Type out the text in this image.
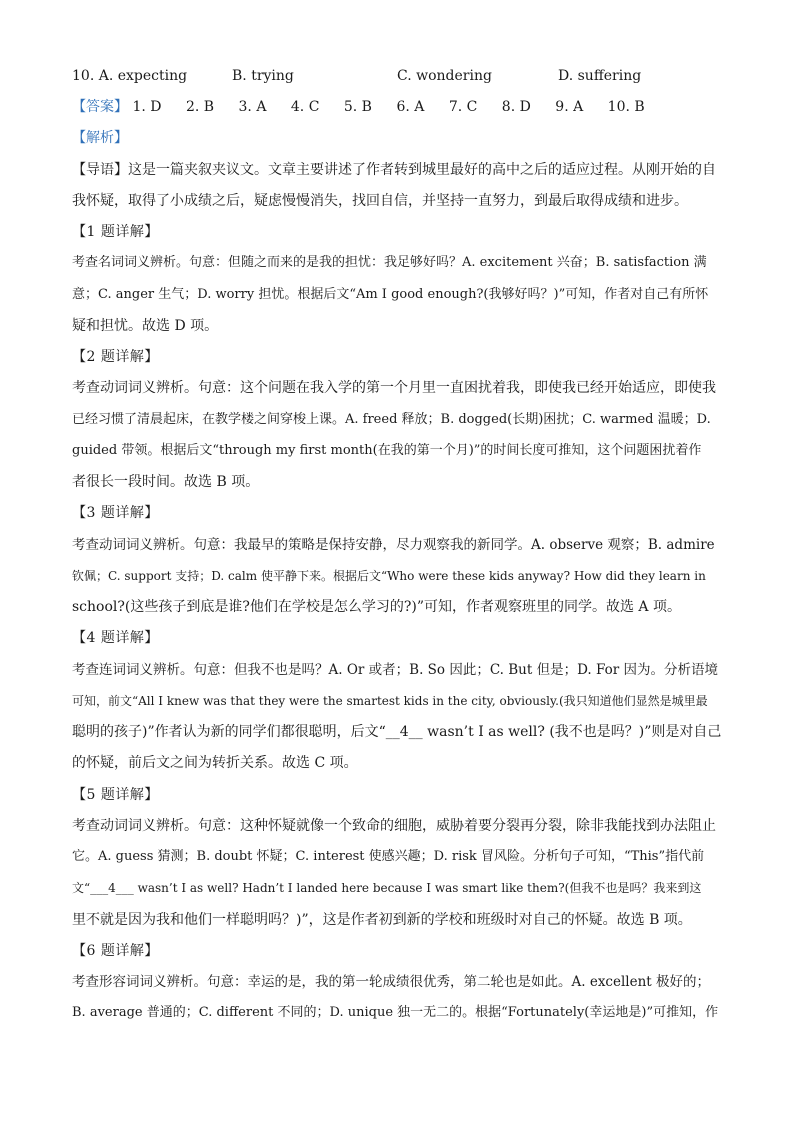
10. A. expecting	B. trying	C. wondering	D. suffering
【答案】 1. D 2. B 3. A 4. C 5. B 6. A 7. C 8. D 9. A 10. B
【解析】
【导语】这是一篇夹叙夹议文。文章主要讲述了作者转到城里最好的高中之后的适应过程。从刚开始的自
我怀疑，取得了小成绩之后，疑虑慢慢消失，找回自信，并坚持一直努力，到最后取得成绩和进步。
【1 题详解】
考查名词词义辨析。句意：但随之而来的是我的担忧：我足够好吗？A. excitement 兴奋；B. satisfaction 满
意；C. anger 生气；D. worry 担忧。根据后文“Am I good enough?(我够好吗？)”可知，作者对自己有所怀
疑和担忧。故选 D 项。
【2 题详解】
考查动词词义辨析。句意：这个问题在我入学的第一个月里一直困扰着我，即使我已经开始适应，即使我
已经习惯了清晨起床，在教学楼之间穿梭上课。A. freed 释放；B. dogged(长期)困扰；C. warmed 温暖；D.
guided 带领。根据后文“through my first month(在我的第一个月)”的时间长度可推知，这个问题困扰着作
者很长一段时间。故选 B 项。
【3 题详解】
考查动词词义辨析。句意：我最早的策略是保持安静，尽力观察我的新同学。A. observe 观察；B. admire
钦佩；C. support 支持；D. calm 使平静下来。根据后文“Who were these kids anyway? How did they learn in
school?(这些孩子到底是谁?他们在学校是怎么学习的?)”可知，作者观察班里的同学。故选 A 项。
【4 题详解】
考查连词词义辨析。句意：但我不也是吗？A. Or 或者；B. So 因此；C. But 但是；D. For 因为。分析语境
可知，前文“All I knew was that they were the smartest kids in the city, obviously.(我只知道他们显然是城里最
聪明的孩子)”作者认为新的同学们都很聪明，后文“__4__ wasn’t I as well? (我不也是吗？)”则是对自己
的怀疑，前后文之间为转折关系。故选 C 项。
【5 题详解】
考查动词词义辨析。句意：这种怀疑就像一个致命的细胞，威胁着要分裂再分裂，除非我能找到办法阻止
它。A. guess 猜测；B. doubt 怀疑；C. interest 使感兴趣；D. risk 冒风险。分析句子可知，“This”指代前
文“___4___ wasn’t I as well? Hadn’t I landed here because I was smart like them?(但我不也是吗？我来到这
里不就是因为我和他们一样聪明吗？)”，这是作者初到新的学校和班级时对自己的怀疑。故选 B 项。
【6 题详解】
考查形容词词义辨析。句意：幸运的是，我的第一轮成绩很优秀，第二轮也是如此。A. excellent 极好的；
B. average 普通的；C. different 不同的；D. unique 独一无二的。根据“Fortunately(幸运地是)”可推知，作
